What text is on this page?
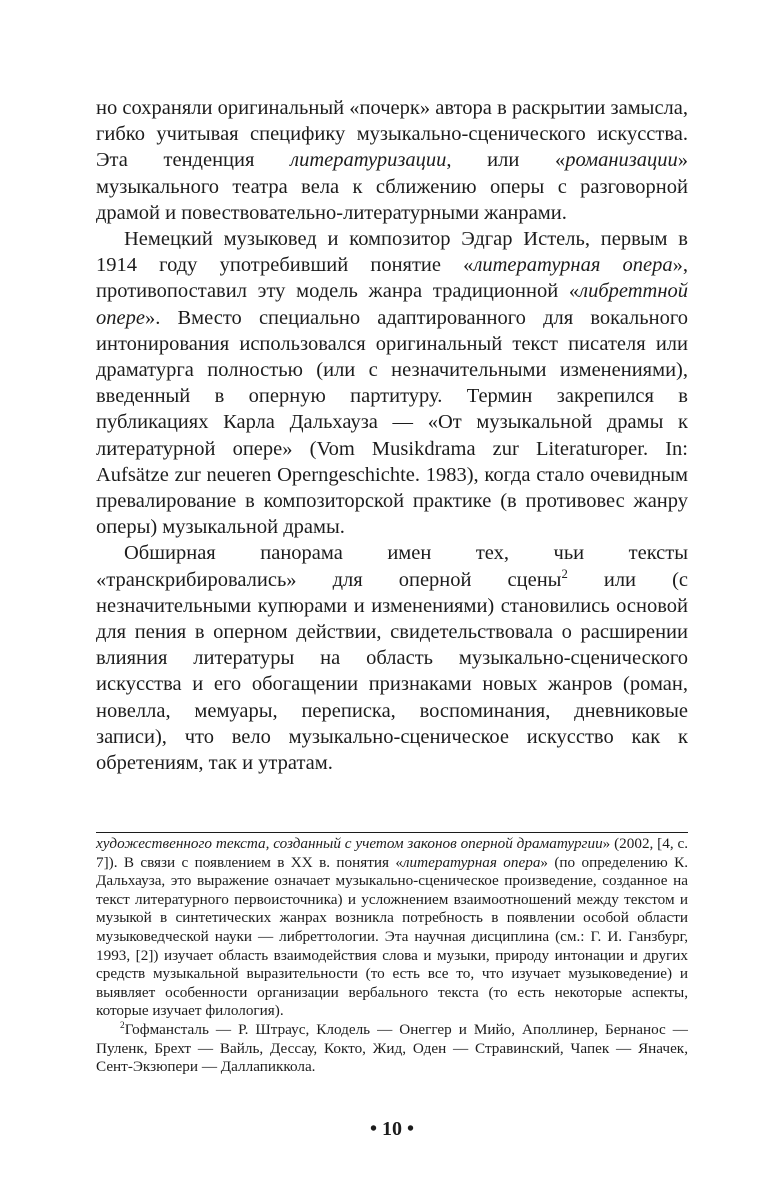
но сохраняли оригинальный «почерк» автора в раскрытии замысла, гибко учитывая специфику музыкально-сценического искусства. Эта тенденция литературизации, или «романизации» музыкального театра вела к сближению оперы с разговорной драмой и повествовательно-литературными жанрами.

Немецкий музыковед и композитор Эдгар Истель, первым в 1914 году употребивший понятие «литературная опера», противопоставил эту модель жанра традиционной «либреттной опере». Вместо специально адаптированного для вокального интонирования использовался оригинальный текст писателя или драматурга полностью (или с незначительными изменениями), введенный в оперную партитуру. Термин закрепился в публикациях Карла Дальхауза — «От музыкальной драмы к литературной опере» (Vom Musikdrama zur Literaturoper. In: Aufsätze zur neueren Operngeschichte. 1983), когда стало очевидным превалирование в композиторской практике (в противовес жанру оперы) музыкальной драмы.

Обширная панорама имен тех, чьи тексты «транскрибировались» для оперной сцены$^2$ или (с незначительными купюрами и изменениями) становились основой для пения в оперном действии, свидетельствовала о расширении влияния литературы на область музыкально-сценического искусства и его обогащении признаками новых жанров (роман, новелла, мемуары, переписка, воспоминания, дневниковые записи), что вело музыкально-сценическое искусство как к обретениям, так и утратам.

художественного текста, созданный с учетом законов оперной драматургии» (2002, [4, с. 7]). В связи с появлением в XX в. понятия «литературная опера» (по определению К. Дальхауза, это выражение означает музыкально-сценическое произведение, созданное на текст литературного первоисточника) и усложнением взаимоотношений между текстом и музыкой в синтетических жанрах возникла потребность в появлении особой области музыковедческой науки — либреттологии. Эта научная дисциплина (см.: Г. И. Ганзбург, 1993, [2]) изучает область взаимодействия слова и музыки, природу интонации и других средств музыкальной выразительности (то есть все то, что изучает музыковедение) и выявляет особенности организации вербального текста (то есть некоторые аспекты, которые изучает филология).

$^2$Гофмансталь — Р. Штраус, Клодель — Онеггер и Мийо, Аполлинер, Бернанос — Пуленк, Брехт — Вайль, Дессау, Кокто, Жид, Оден — Стравинский, Чапек — Яначек, Сент-Экзюпери — Даллапиккола.

• 10 •
